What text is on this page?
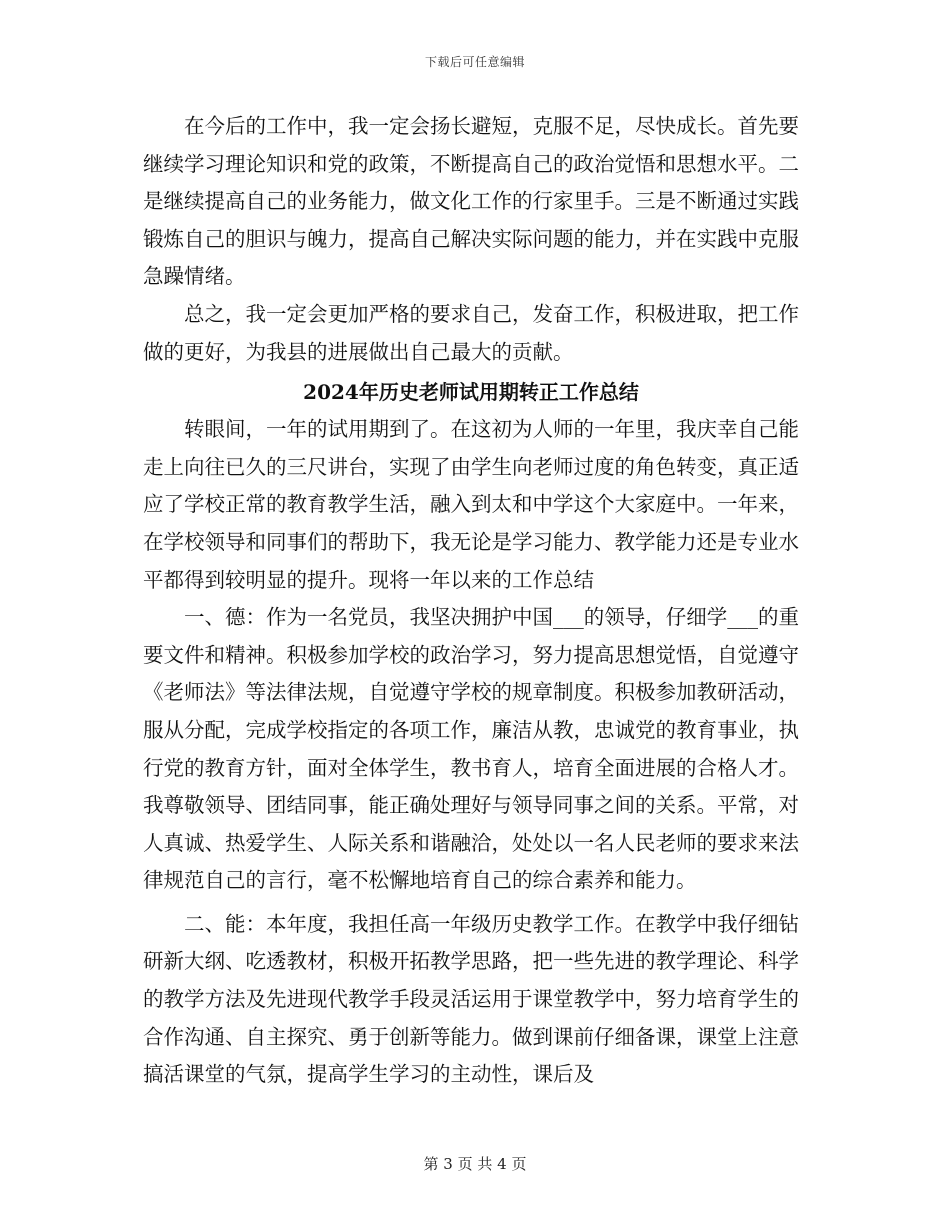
下载后可任意编辑

在今后的工作中，我一定会扬长避短，克服不足，尽快成长。首先要继续学习理论知识和党的政策，不断提高自己的政治觉悟和思想水平。二是继续提高自己的业务能力，做文化工作的行家里手。三是不断通过实践锻炼自己的胆识与魄力，提高自己解决实际问题的能力，并在实践中克服急躁情绪。

总之，我一定会更加严格的要求自己，发奋工作，积极进取，把工作做的更好，为我县的进展做出自己最大的贡献。

2024年历史老师试用期转正工作总结

转眼间，一年的试用期到了。在这初为人师的一年里，我庆幸自己能走上向往已久的三尺讲台，实现了由学生向老师过度的角色转变，真正适应了学校正常的教育教学生活，融入到太和中学这个大家庭中。一年来，在学校领导和同事们的帮助下，我无论是学习能力、教学能力还是专业水平都得到较明显的提升。现将一年以来的工作总结

一、德：作为一名党员，我坚决拥护中国___的领导，仔细学___的重要文件和精神。积极参加学校的政治学习，努力提高思想觉悟，自觉遵守《老师法》等法律法规，自觉遵守学校的规章制度。积极参加教研活动，服从分配，完成学校指定的各项工作，廉洁从教，忠诚党的教育事业，执行党的教育方针，面对全体学生，教书育人，培育全面进展的合格人才。我尊敬领导、团结同事，能正确处理好与领导同事之间的关系。平常，对人真诚、热爱学生、人际关系和谐融洽，处处以一名人民老师的要求来法律规范自己的言行，毫不松懈地培育自己的综合素养和能力。

二、能：本年度，我担任高一年级历史教学工作。在教学中我仔细钻研新大纲、吃透教材，积极开拓教学思路，把一些先进的教学理论、科学的教学方法及先进现代教学手段灵活运用于课堂教学中，努力培育学生的合作沟通、自主探究、勇于创新等能力。做到课前仔细备课，课堂上注意搞活课堂的气氛，提高学生学习的主动性，课后及

第 3 页 共 4 页
